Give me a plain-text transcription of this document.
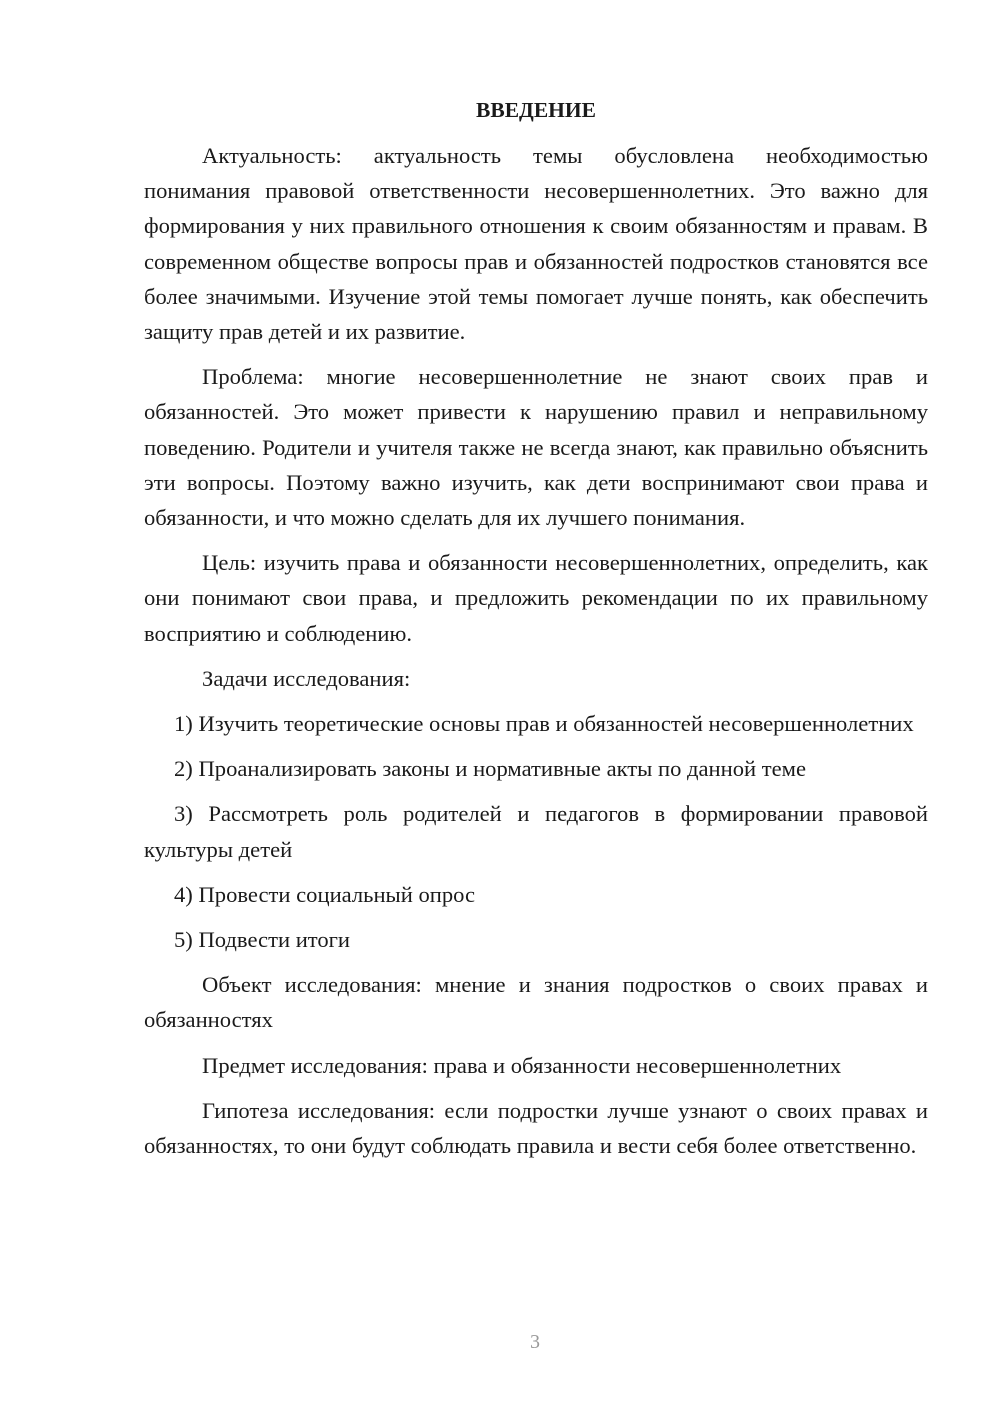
ВВЕДЕНИЕ

Актуальность: актуальность темы обусловлена необходимостью понимания правовой ответственности несовершеннолетних. Это важно для формирования у них правильного отношения к своим обязанностям и правам. В современном обществе вопросы прав и обязанностей подростков становятся все более значимыми. Изучение этой темы помогает лучше понять, как обеспечить защиту прав детей и их развитие.

Проблема: многие несовершеннолетние не знают своих прав и обязанностей. Это может привести к нарушению правил и неправильному поведению. Родители и учителя также не всегда знают, как правильно объяснить эти вопросы. Поэтому важно изучить, как дети воспринимают свои права и обязанности, и что можно сделать для их лучшего понимания.

Цель: изучить права и обязанности несовершеннолетних, определить, как они понимают свои права, и предложить рекомендации по их правильному восприятию и соблюдению.

Задачи исследования:

1) Изучить теоретические основы прав и обязанностей несовершеннолетних

2) Проанализировать законы и нормативные акты по данной теме

3) Рассмотреть роль родителей и педагогов в формировании правовой культуры детей

4) Провести социальный опрос

5) Подвести итоги

Объект исследования: мнение и знания подростков о своих правах и обязанностях

Предмет исследования: права и обязанности несовершеннолетних

Гипотеза исследования: если подростки лучше узнают о своих правах и обязанностях, то они будут соблюдать правила и вести себя более ответственно.

3
